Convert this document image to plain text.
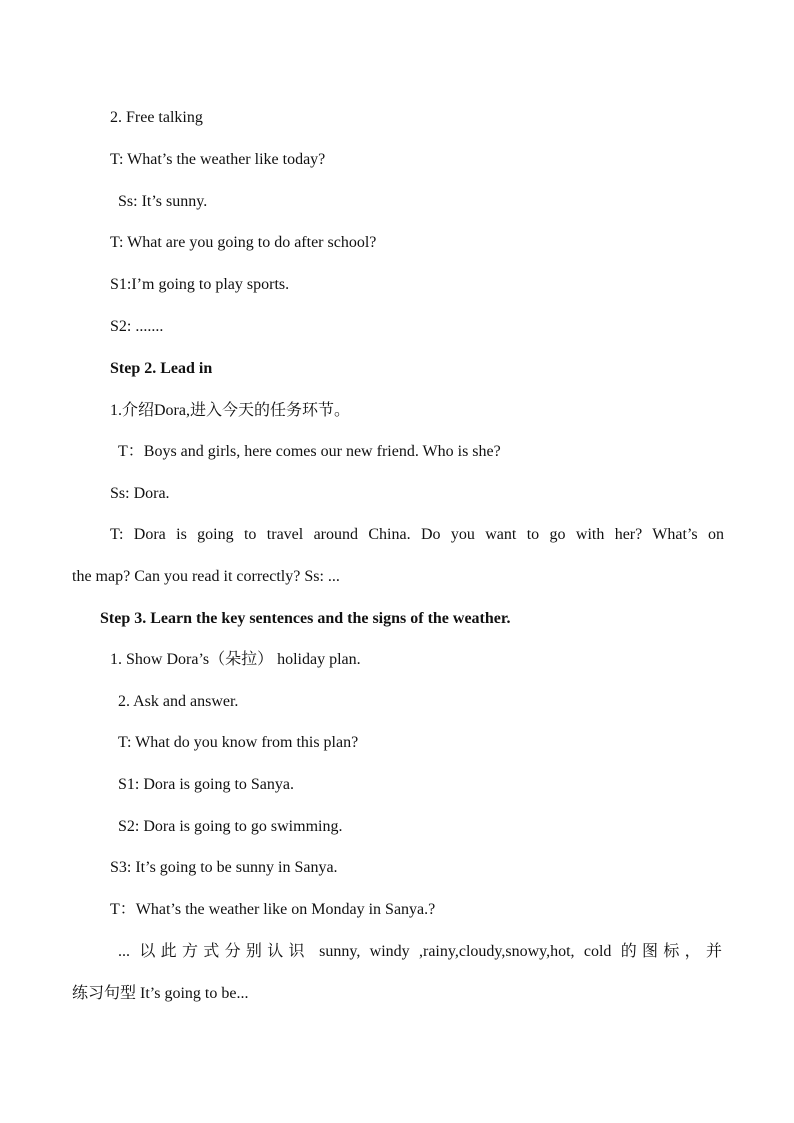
2. Free talking
T: What’s the weather like today?
Ss: It’s sunny.
T: What are you going to do after school?
S1:I’m going to play sports.
S2: .......
Step 2. Lead in
1.介绍Dora,进入今天的任务环节。
T：Boys and girls, here comes our new friend. Who is she?
Ss: Dora.
T: Dora is going to travel around China. Do you want to go with her? What’s on
the map? Can you read it correctly? Ss: ...
Step 3. Learn the key sentences and the signs of the weather.
1. Show Dora’s（朵拉） holiday plan.
2. Ask and answer.
T: What do you know from this plan?
S1: Dora is going to Sanya.
S2: Dora is going to go swimming.
S3: It’s going to be sunny in Sanya.
T：What’s the weather like on Monday in Sanya.?
... 以此方式分别认识 sunny, windy ,rainy,cloudy,snowy,hot, cold 的图标，并
练习句型 It’s going to be...
